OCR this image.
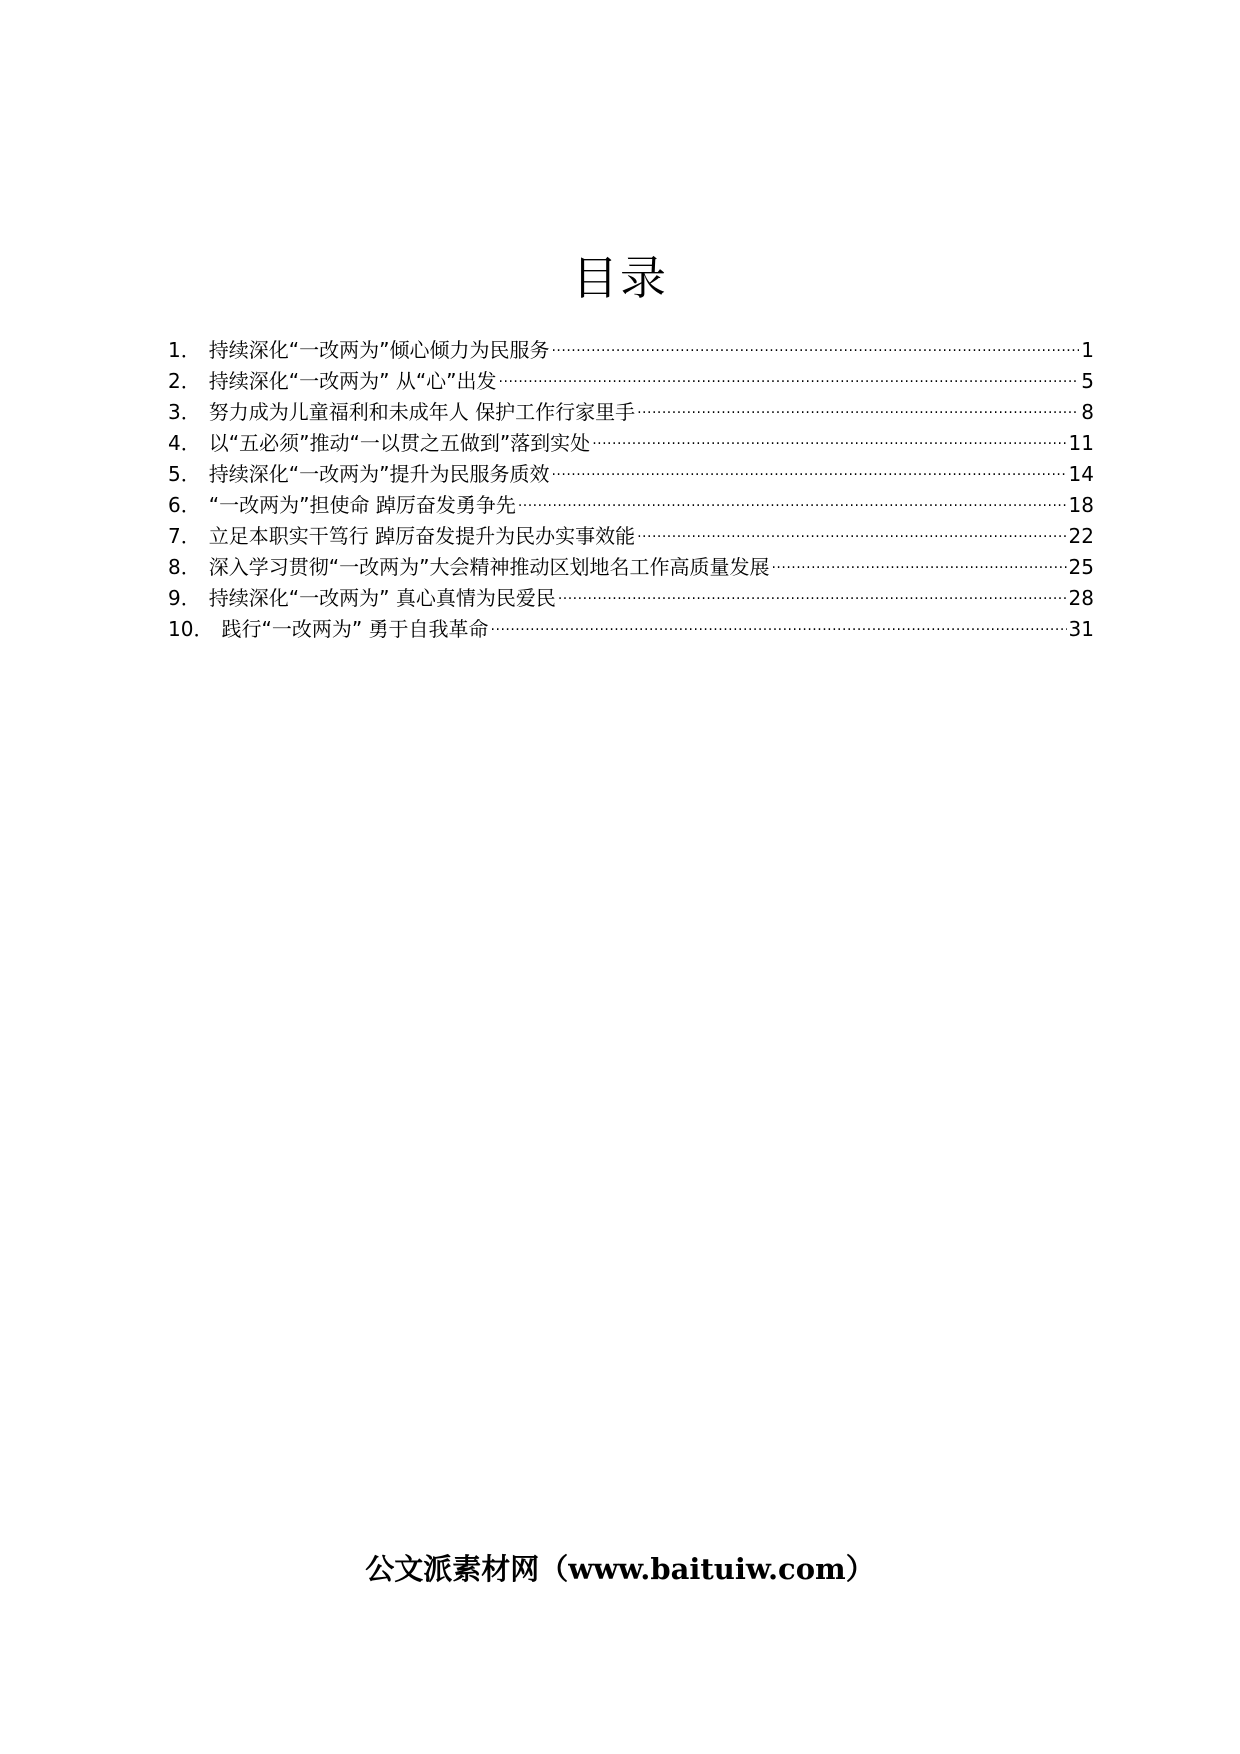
目录
1． 持续深化“一改两为”倾心倾力为民服务 .....	1
2． 持续深化“一改两为” 从“心”出发 .....	5
3． 努力成为儿童福利和未成年人 保护工作行家里手 .....	8
4． 以“五必须”推动“一以贯之五做到”落到实处 .....	11
5． 持续深化“一改两为”提升为民服务质效 .....	14
6． “一改两为”担使命 踔厉奋发勇争先 .....	18
7． 立足本职实干笃行 踔厉奋发提升为民办实事效能 .....	22
8． 深入学习贯彻“一改两为”大会精神推动区划地名工作高质量发展 .....	25
9． 持续深化“一改两为” 真心真情为民爱民 .....	28
10． 践行“一改两为” 勇于自我革命 .....	31
公文派素材网（www.baituiw.com）
